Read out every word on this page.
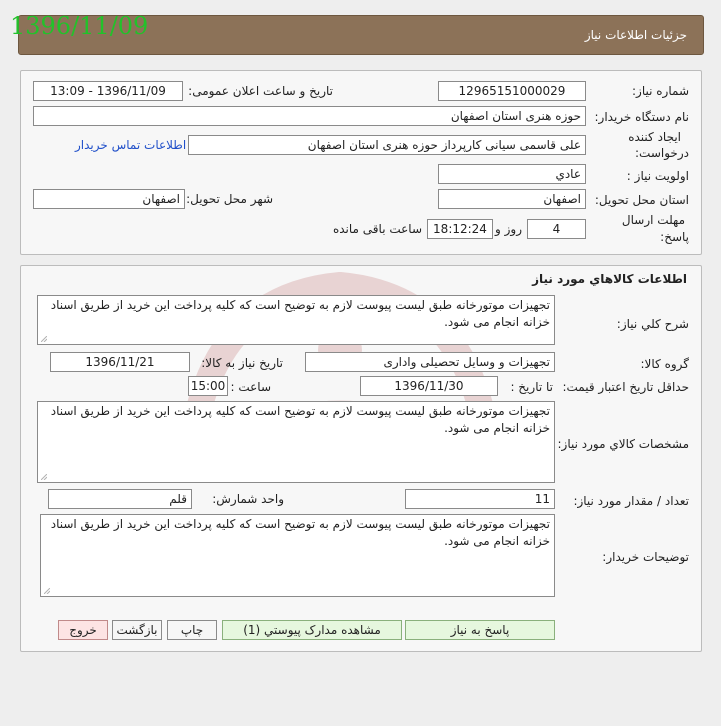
جزئیات اطلاعات نیاز
1396/11/09
شماره نیاز:
12965151000029
تاریخ و ساعت اعلان عمومی:
1396/11/09 - 13:09
نام دستگاه خریدار:
حوزه هنری استان اصفهان
ایجاد کننده
درخواست:
علی قاسمی سیانی کارپرداز حوزه هنری استان اصفهان
اطلاعات تماس خریدار
اولویت نیاز :
عادي
استان محل تحویل:
اصفهان
شهر محل تحویل:
اصفهان
مهلت ارسال
پاسخ:
4
روز و
18:12:24
ساعت باقی مانده
اطلاعات کالاهاي مورد نياز
شرح کلي نياز:
تجهیزات موتورخانه طبق لیست پیوست لازم به توضیح است که کلیه پرداخت این خرید از طریق اسناد خزانه انجام می شود.
گروه کالا:
تجهیزات و وسایل تحصیلی واداری
تاریخ نیاز به کالا:
1396/11/21
حداقل تاریخ اعتبار قیمت:
تا تاریخ :
1396/11/30
ساعت :
15:00
مشخصات کالاي مورد نياز:
تجهیزات موتورخانه طبق لیست پیوست لازم به توضیح است که کلیه پرداخت این خرید از طریق اسناد خزانه انجام می شود.
تعداد / مقدار مورد نیاز:
11
واحد شمارش:
قلم
توضیحات خریدار:
تجهیزات موتورخانه طبق لیست پیوست لازم به توضیح است که کلیه پرداخت این خرید از طریق اسناد خزانه انجام می شود.
پاسخ به نیاز
مشاهده مدارک پیوستي (1)
چاپ
بازگشت
خروج
